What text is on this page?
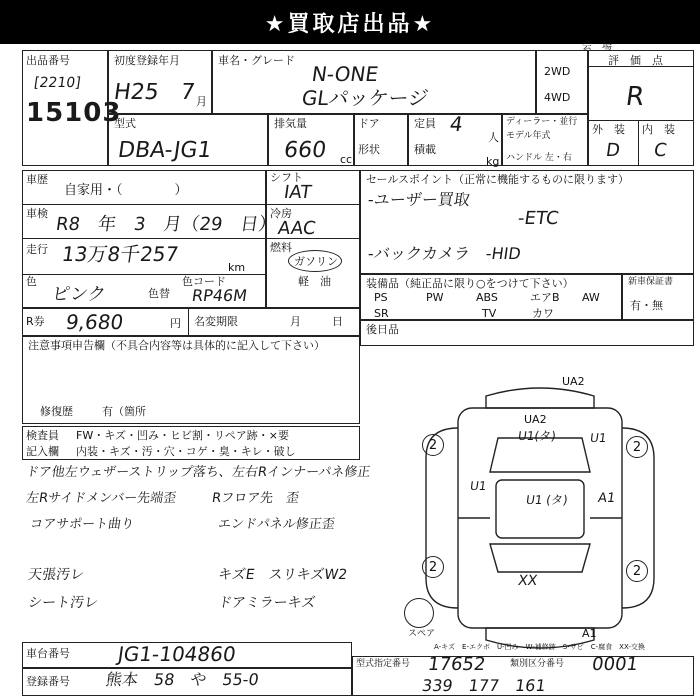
★買取店出品★
会　場
出品番号
[2210]
15103
初度登録年月
H25　7 月
車名・グレード
N-ONE
GLパッケージ
2WD
4WD
評　価　点
R
外　装 内　装
D C
型式
DBA-JG1
排気量
660 cc
ドア
形状
定員 4
人
積載
kg
ディーラー・並行
モデル年式
ハンドル 左・右
車歴
自家用・（　　　　）
車検
R8　年　3　月（29　日）
走行 13万8千257
km
色
ピンク	色替
色コード
RP46M
シフト
IAT
冷房
AAC
燃料
ガソリン
軽　油
セールスポイント（正常に機能するものに限ります）
-ユーザー買取
-ETC
-バックカメラ　-HID
装備品（純正品に限り○をつけて下さい）
PS	PW	ABS	エアB AW
SR	TV	カワ
新車保証書
有・無
後日品
R券 9,680	円 名変期限	月	日
注意事項申告欄（不具合内容等は具体的に記入して下さい）
修復歴	有（箇所
検査員
記入欄
FW・キズ・凹み・ヒビ割・リペア跡・×要
内装・キズ・汚・穴・コゲ・臭・キレ・破し
ドア他左ウェザーストリップ落ち、左右Rインナーパネ修正
左Rサイドメンバー先端歪	Rフロア先　歪
コアサポート曲り	エンドパネル修正歪
天張汚レ	キズE　スリキズW2
シート汚レ	ドアミラーキズ
UA2
UA2
U1(タ)	U1
U1
U1 (タ) A1
XX
A1
2	2
2	2
スペア
A-キズ　E-エクボ　U-凹み　W-補修跡　S-サビ　C-腐食　XX-交換
車台番号 JG1-104860
登録番号 熊本　58　や　55-0
型式指定番号 17652	類別区分番号 0001
339　177　161
